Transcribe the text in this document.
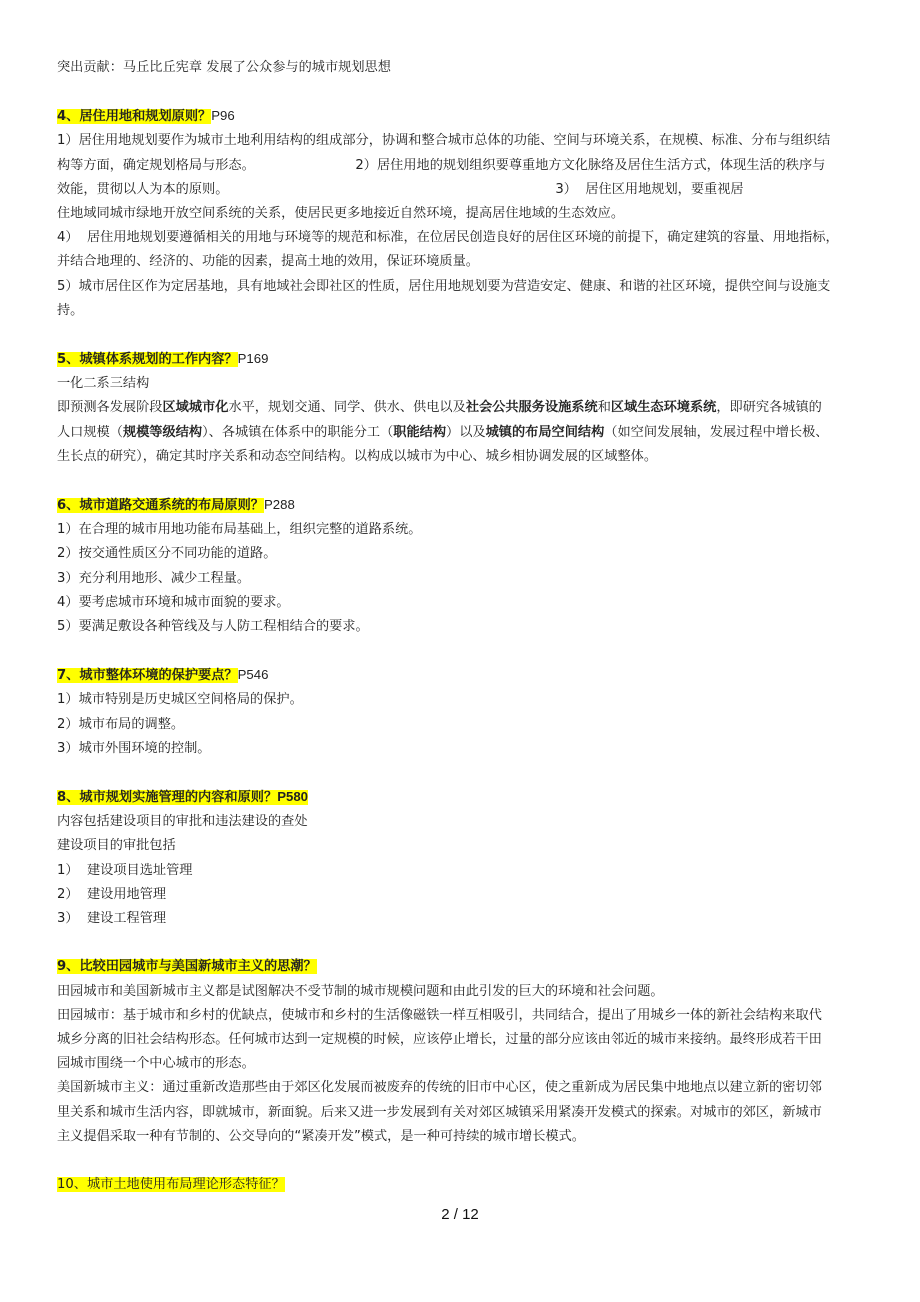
突出贡献：马丘比丘宪章 发展了公众参与的城市规划思想
4、居住用地和规划原则？P96
1）居住用地规划要作为城市土地利用结构的组成部分，协调和整合城市总体的功能、空间与环境关系，在规模、标准、分布与组织结
构等方面，确定规划格局与形态。                        2）居住用地的规划组织要尊重地方文化脉络及居住生活方式，体现生活的秩序与
效能，贯彻以人为本的原则。                                                                              3）  居住区用地规划，要重视居
住地域同城市绿地开放空间系统的关系，使居民更多地接近自然环境，提高居住地域的生态效应。
4）  居住用地规划要遵循相关的用地与环境等的规范和标准，在位居民创造良好的居住区环境的前提下，确定建筑的容量、用地指标，
并结合地理的、经济的、功能的因素，提高土地的效用，保证环境质量。
5）城市居住区作为定居基地，具有地域社会即社区的性质，居住用地规划要为营造安定、健康、和谐的社区环境，提供空间与设施支
持。
5、城镇体系规划的工作内容？P169
一化二系三结构
即预测各发展阶段区域城市化水平，规划交通、同学、供水、供电以及社会公共服务设施系统和区域生态环境系统，即研究各城镇的
人口规模（规模等级结构）、各城镇在体系中的职能分工（职能结构）以及城镇的布局空间结构（如空间发展轴，发展过程中增长极、
生长点的研究），确定其时序关系和动态空间结构。以构成以城市为中心、城乡相协调发展的区域整体。
6、城市道路交通系统的布局原则？P288
1）在合理的城市用地功能布局基础上，组织完整的道路系统。
2）按交通性质区分不同功能的道路。
3）充分利用地形、减少工程量。
4）要考虑城市环境和城市面貌的要求。
5）要满足敷设各种管线及与人防工程相结合的要求。
7、城市整体环境的保护要点？P546
1）城市特别是历史城区空间格局的保护。
2）城市布局的调整。
3）城市外围环境的控制。
8、城市规划实施管理的内容和原则？P580
内容包括建设项目的审批和违法建设的查处
建设项目的审批包括
1）  建设项目选址管理
2）  建设用地管理
3）  建设工程管理
9、比较田园城市与美国新城市主义的思潮？
田园城市和美国新城市主义都是试图解决不受节制的城市规模问题和由此引发的巨大的环境和社会问题。
田园城市：基于城市和乡村的优缺点，使城市和乡村的生活像磁铁一样互相吸引，共同结合，提出了用城乡一体的新社会结构来取代
城乡分离的旧社会结构形态。任何城市达到一定规模的时候，应该停止增长，过量的部分应该由邻近的城市来接纳。最终形成若干田
园城市围绕一个中心城市的形态。
美国新城市主义：通过重新改造那些由于郊区化发展而被废弃的传统的旧市中心区，使之重新成为居民集中地地点以建立新的密切邻
里关系和城市生活内容，即就城市，新面貌。后来又进一步发展到有关对郊区城镇采用紧凑开发模式的探索。对城市的郊区，新城市
主义提倡采取一种有节制的、公交导向的“紧凑开发”模式，是一种可持续的城市增长模式。
10、城市土地使用布局理论形态特征？
2 / 12
